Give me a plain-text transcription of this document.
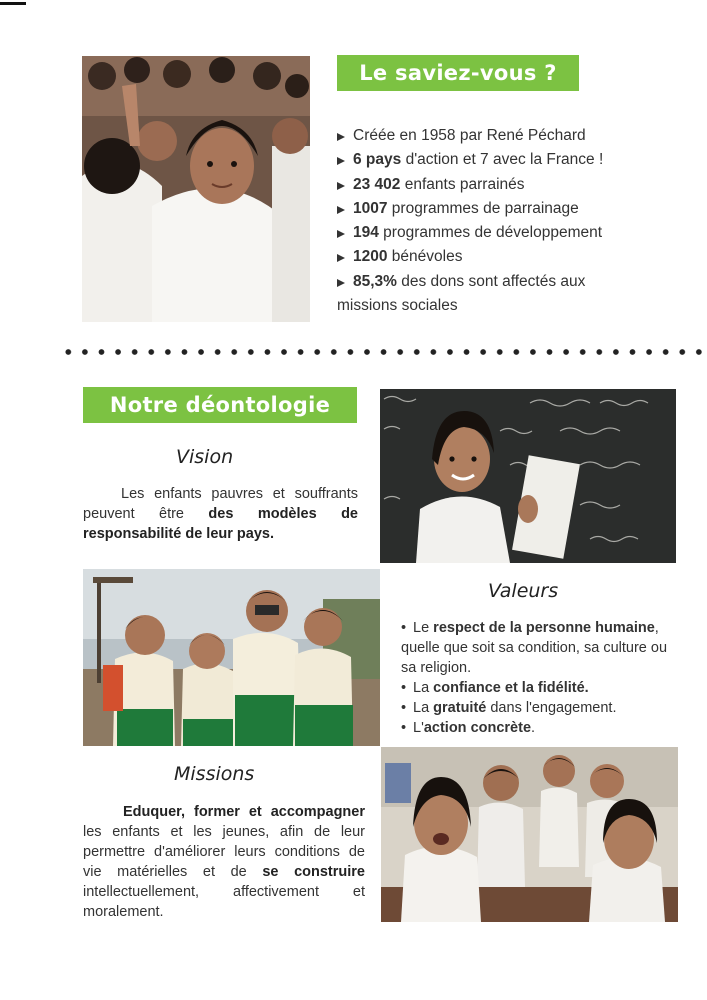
Le saviez-vous ?
Créée en 1958 par René Péchard
6 pays d'action et 7 avec la France !
23 402 enfants parrainés
1007 programmes de parrainage
194 programmes de développement
1200 bénévoles
85,3% des dons sont affectés aux
missions sociales
Notre déontologie
Vision

Les enfants pauvres et souffrants peuvent être des modèles de responsabilité de leur pays.

Valeurs
• Le respect de la personne humaine,
quelle que soit sa condition, sa culture ou sa religion.
• La confiance et la fidélité.
• La gratuité dans l'engagement.
• L'action concrète.
Missions

Eduquer, former et accompagner les enfants et les jeunes, afin de leur permettre d'améliorer leurs conditions de vie matérielles et de se construire intellectuellement, affectivement et moralement.
